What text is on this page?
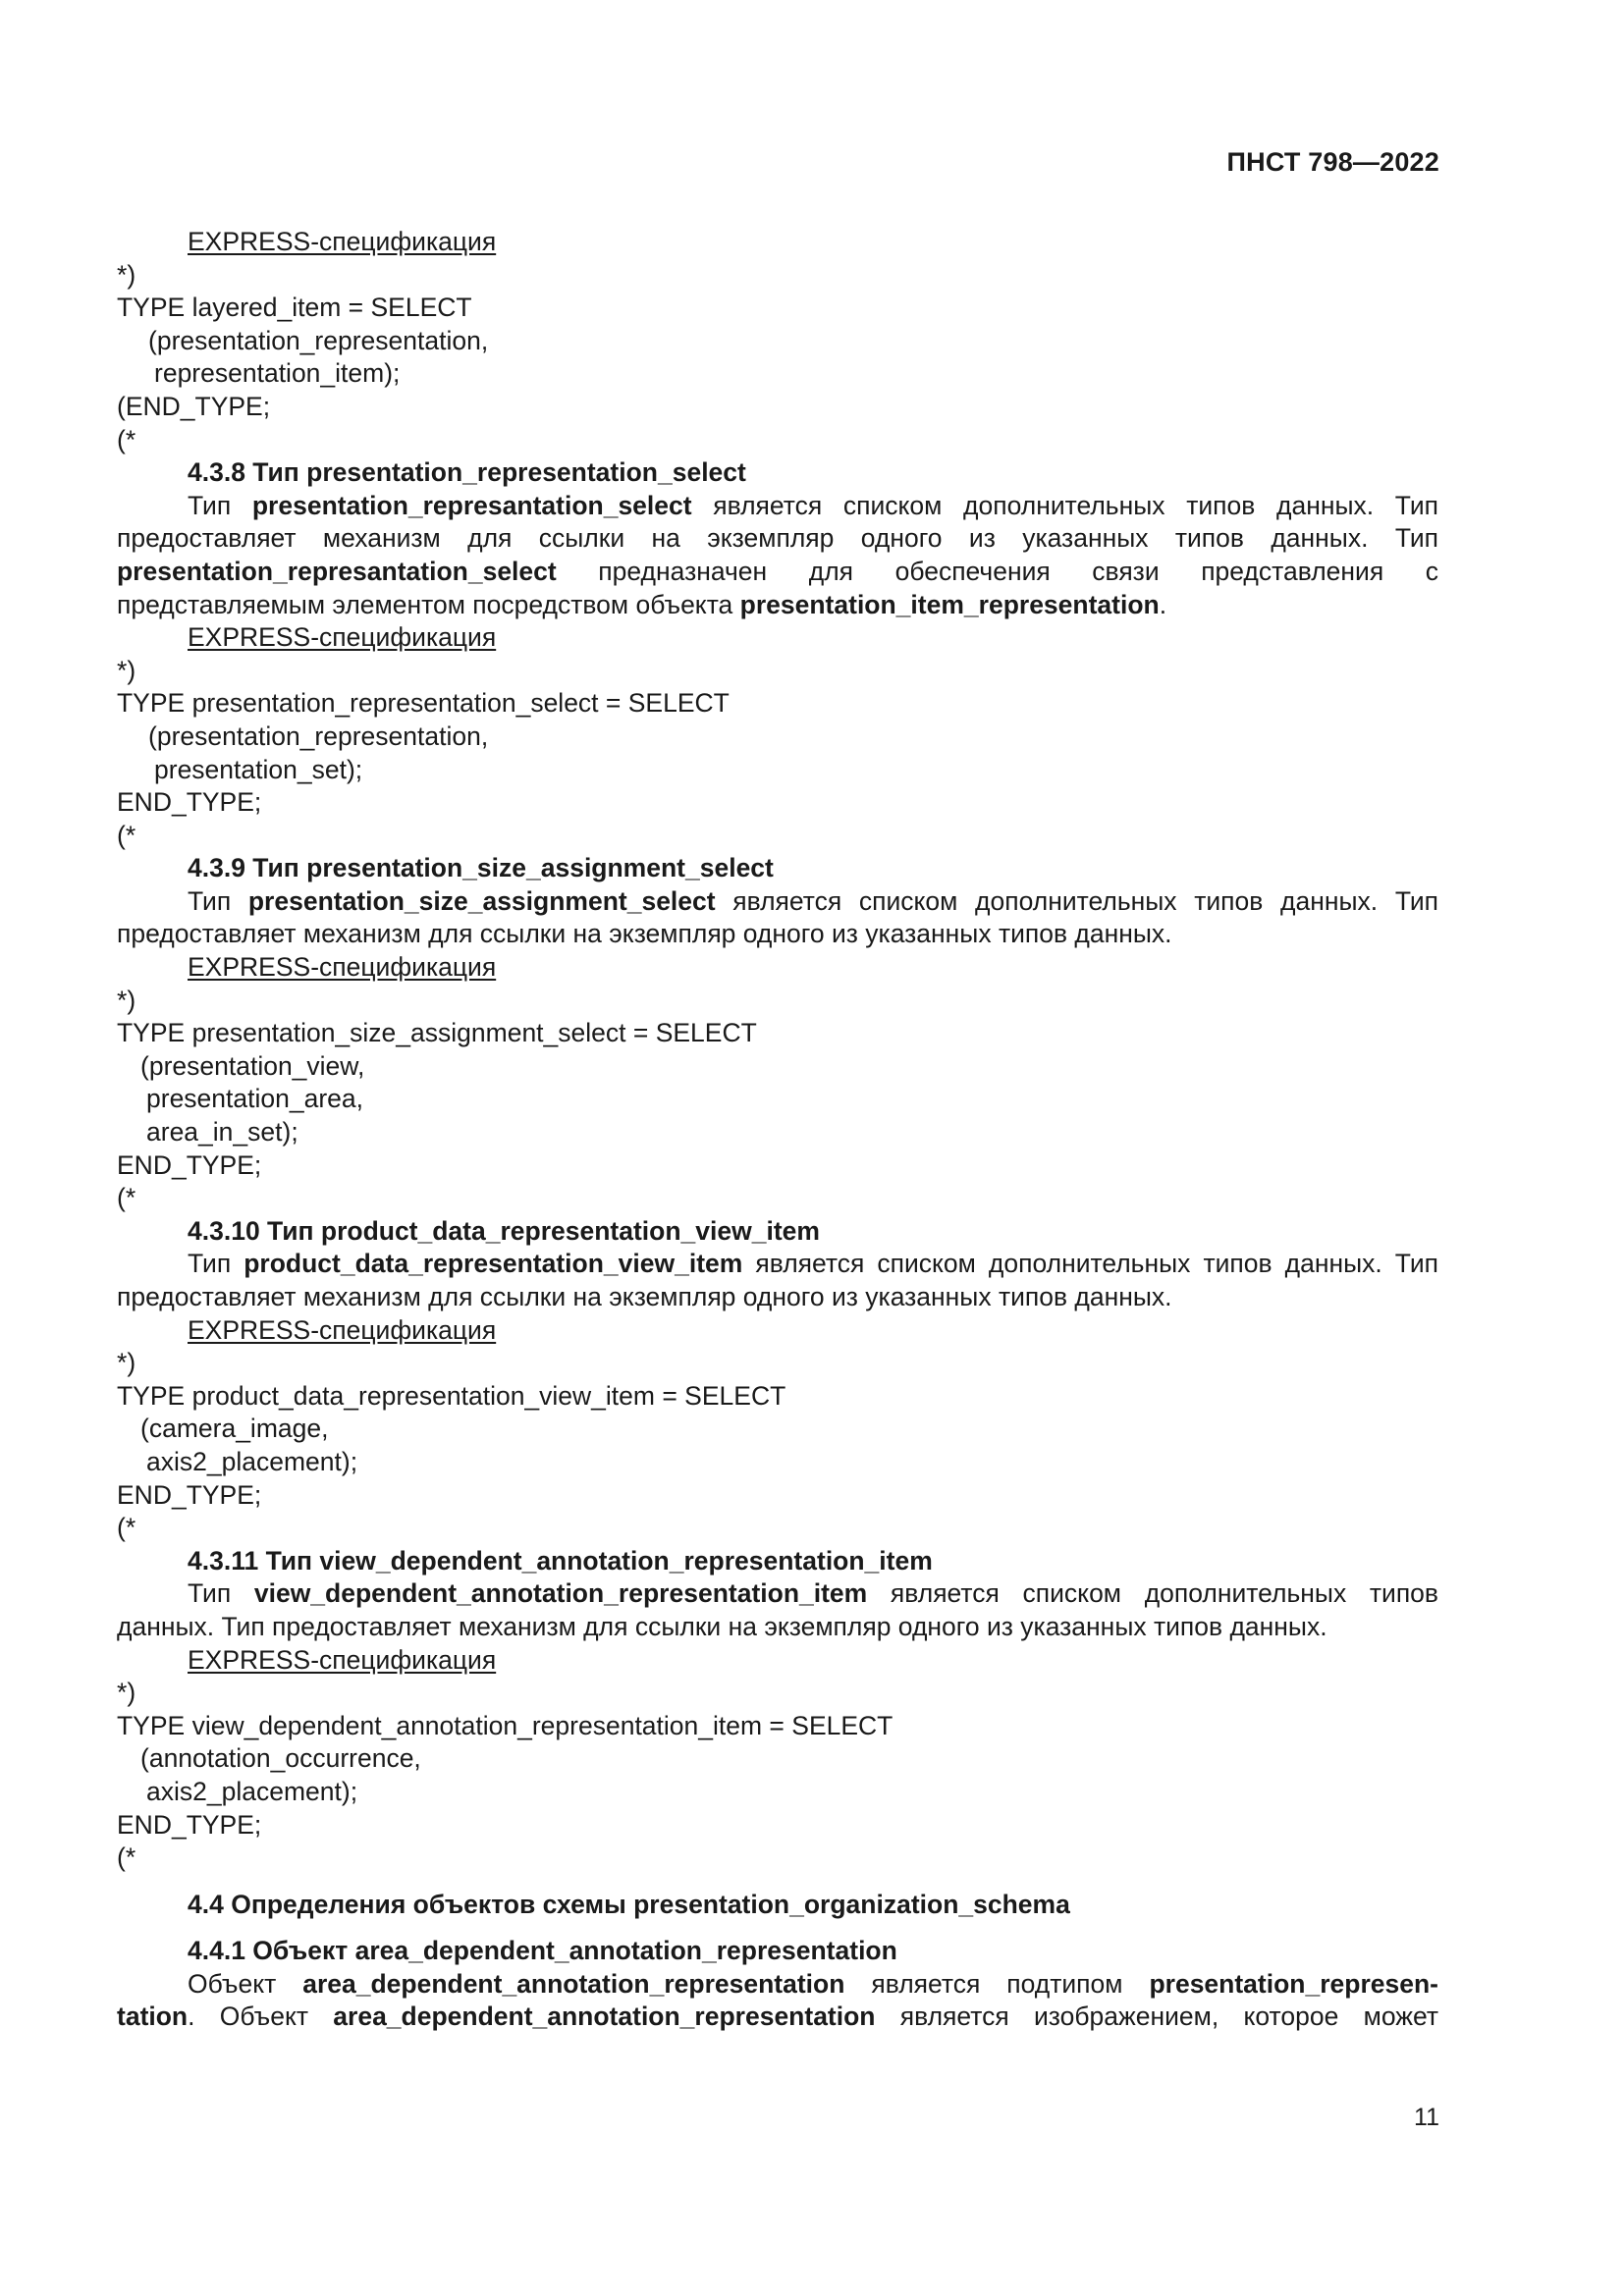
ПНСТ 798—2022
EXPRESS-спецификация
*)
TYPE layered_item = SELECT
(presentation_representation,
representation_item);
(END_TYPE;
(*
4.3.8 Тип presentation_representation_select

Тип presentation_represantation_select является списком дополнительных типов данных. Тип предоставляет механизм для ссылки на экземпляр одного из указанных типов данных. Тип presentation_represantation_select предназначен для обеспечения связи представления с представляемым элементом посредством объекта presentation_item_representation.

EXPRESS-спецификация
*)
TYPE presentation_representation_select = SELECT
(presentation_representation,
presentation_set);
END_TYPE;
(*
4.3.9 Тип presentation_size_assignment_select

Тип presentation_size_assignment_select является списком дополнительных типов данных. Тип предоставляет механизм для ссылки на экземпляр одного из указанных типов данных.

EXPRESS-спецификация
*)
TYPE presentation_size_assignment_select = SELECT
(presentation_view,
presentation_area,
area_in_set);
END_TYPE;
(*
4.3.10 Тип product_data_representation_view_item

Тип product_data_representation_view_item является списком дополнительных типов данных. Тип предоставляет механизм для ссылки на экземпляр одного из указанных типов данных.

EXPRESS-спецификация
*)
TYPE product_data_representation_view_item = SELECT
(camera_image,
axis2_placement);
END_TYPE;
(*
4.3.11 Тип view_dependent_annotation_representation_item

Тип view_dependent_annotation_representation_item является списком дополнительных типов данных. Тип предоставляет механизм для ссылки на экземпляр одного из указанных типов данных.

EXPRESS-спецификация
*)
TYPE view_dependent_annotation_representation_item = SELECT
(annotation_occurrence,
axis2_placement);
END_TYPE;
(*
4.4 Определения объектов схемы presentation_organization_schema
4.4.1 Объект area_dependent_annotation_representation

Объект area_dependent_annotation_representation является подтипом presentation_represen-

tation. Объект area_dependent_annotation_representation является изображением, которое может

11
